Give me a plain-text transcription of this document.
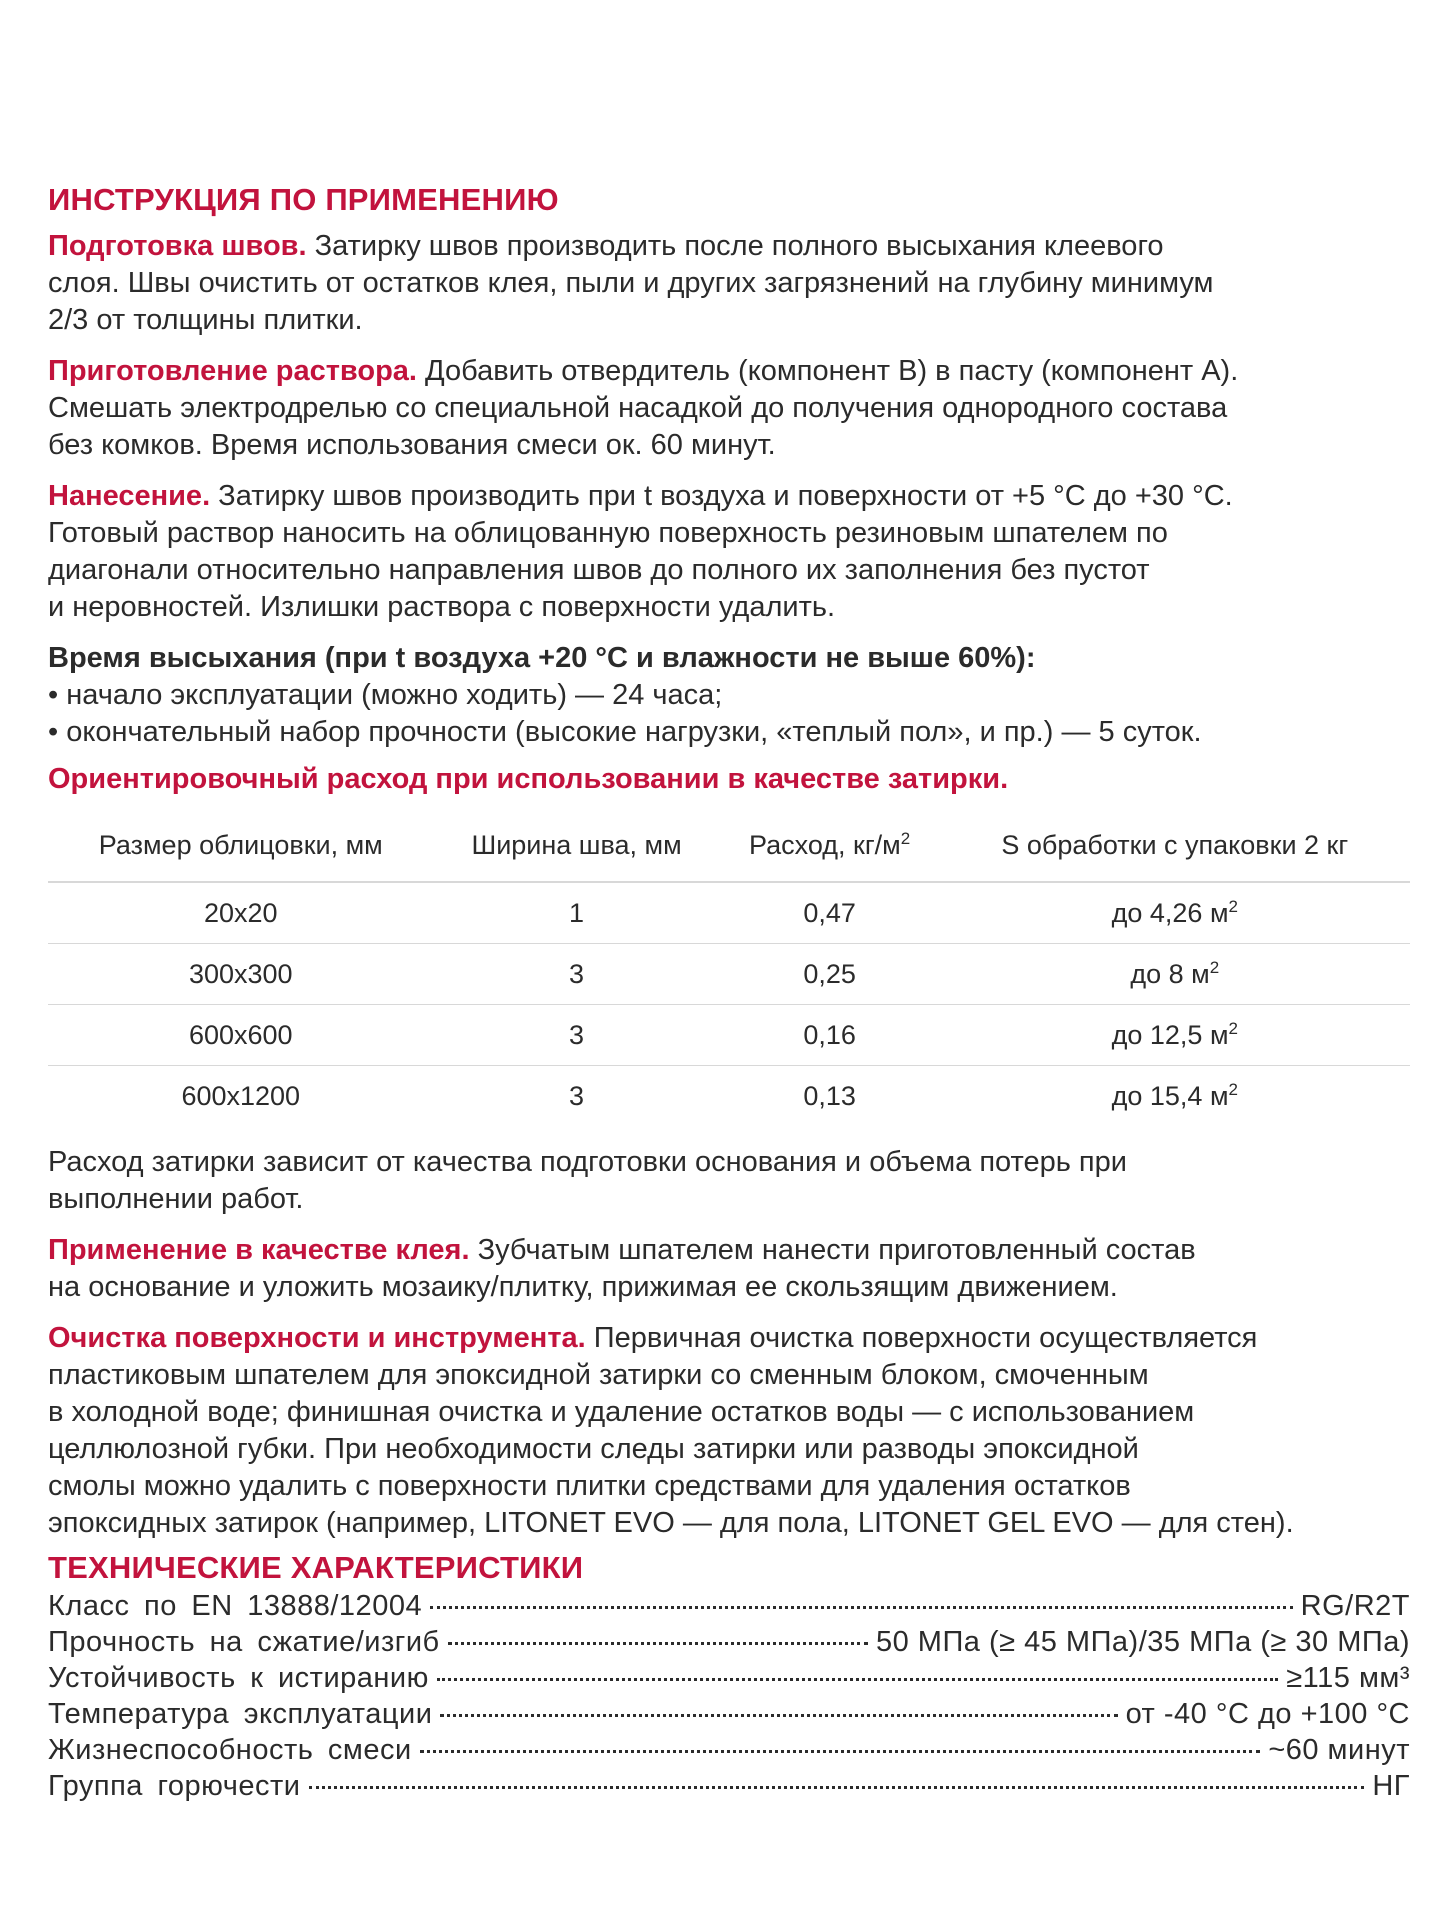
ИНСТРУКЦИЯ ПО ПРИМЕНЕНИЮ
Подготовка швов. Затирку швов производить после полного высыхания клеевого
слоя. Швы очистить от остатков клея, пыли и других загрязнений на глубину минимум
2/3 от толщины плитки.
Приготовление раствора. Добавить отвердитель (компонент B) в пасту (компонент A).
Смешать электродрелью со специальной насадкой до получения однородного состава
без комков. Время использования смеси ок. 60 минут.
Нанесение. Затирку швов производить при t воздуха и поверхности от +5 °C до +30 °C.
Готовый раствор наносить на облицованную поверхность резиновым шпателем по
диагонали относительно направления швов до полного их заполнения без пустот
и неровностей. Излишки раствора с поверхности удалить.
Время высыхания (при t воздуха +20 °C и влажности не выше 60%):
• начало эксплуатации (можно ходить) — 24 часа;
• окончательный набор прочности (высокие нагрузки, «теплый пол», и пр.) — 5 суток.
Ориентировочный расход при использовании в качестве затирки.
Размер облицовки, мм	Ширина шва, мм	Расход, $кг/м^2$	S обработки с упаковки 2 кг
20x20	1	0,47	до 4,26 $м^2$
300x300	3	0,25	до 8 $м^2$
600x600	3	0,16	до 12,5 $м^2$
600x1200	3	0,13	до 15,4 $м^2$
Расход затирки зависит от качества подготовки основания и объема потерь при
выполнении работ.
Применение в качестве клея. Зубчатым шпателем нанести приготовленный состав
на основание и уложить мозаику/плитку, прижимая ее скользящим движением.
Очистка поверхности и инструмента. Первичная очистка поверхности осуществляется
пластиковым шпателем для эпоксидной затирки со сменным блоком, смоченным
в холодной воде; финишная очистка и удаление остатков воды — с использованием
целлюлозной губки. При необходимости следы затирки или разводы эпоксидной
смолы можно удалить с поверхности плитки средствами для удаления остатков
эпоксидных затирок (например, LITONET EVO — для пола, LITONET GEL EVO — для стен).
ТЕХНИЧЕСКИЕ ХАРАКТЕРИСТИКИ
Класс по EN 13888/12004	RG/R2T
Прочность на сжатие/изгиб	50 МПа (≥ 45 МПа)/35 МПа (≥ 30 МПа)
Устойчивость к истиранию	≥115 мм³
Температура эксплуатации	от -40 °C до +100 °C
Жизнеспособность смеси	~60 минут
Группа горючести	НГ
